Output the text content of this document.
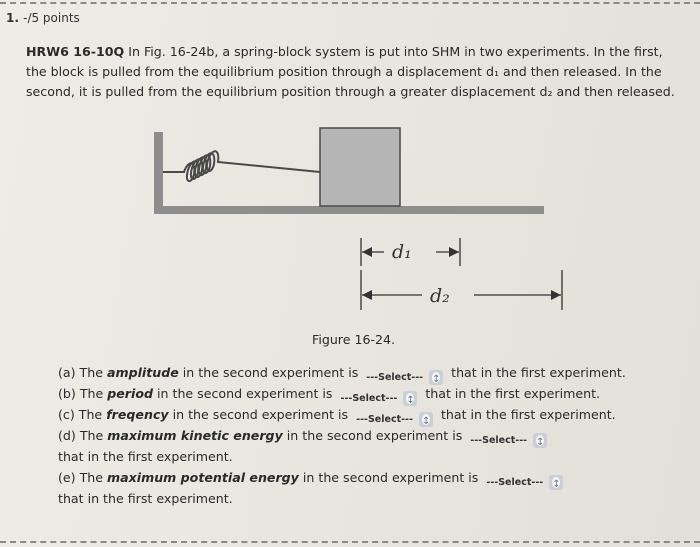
1. -/5 points
HRW6 16-10Q In Fig. 16-24b, a spring-block system is put into SHM in two experiments. In the first, the block is pulled from the equilibrium position through a displacement d₁ and then released. In the second, it is pulled from the equilibrium position through a greater displacement d₂ and then released.
d₁
d₂
Figure 16-24.
(a) The amplitude in the second experiment is ---Select--- ↕ that in the first experiment.
(b) The period in the second experiment is ---Select--- ↕ that in the first experiment.
(c) The freqency in the second experiment is ---Select--- ↕ that in the first experiment.
(d) The maximum kinetic energy in the second experiment is ---Select---↕
that in the first experiment.
(e) The maximum potential energy in the second experiment is ---Select---↕
that in the first experiment.
